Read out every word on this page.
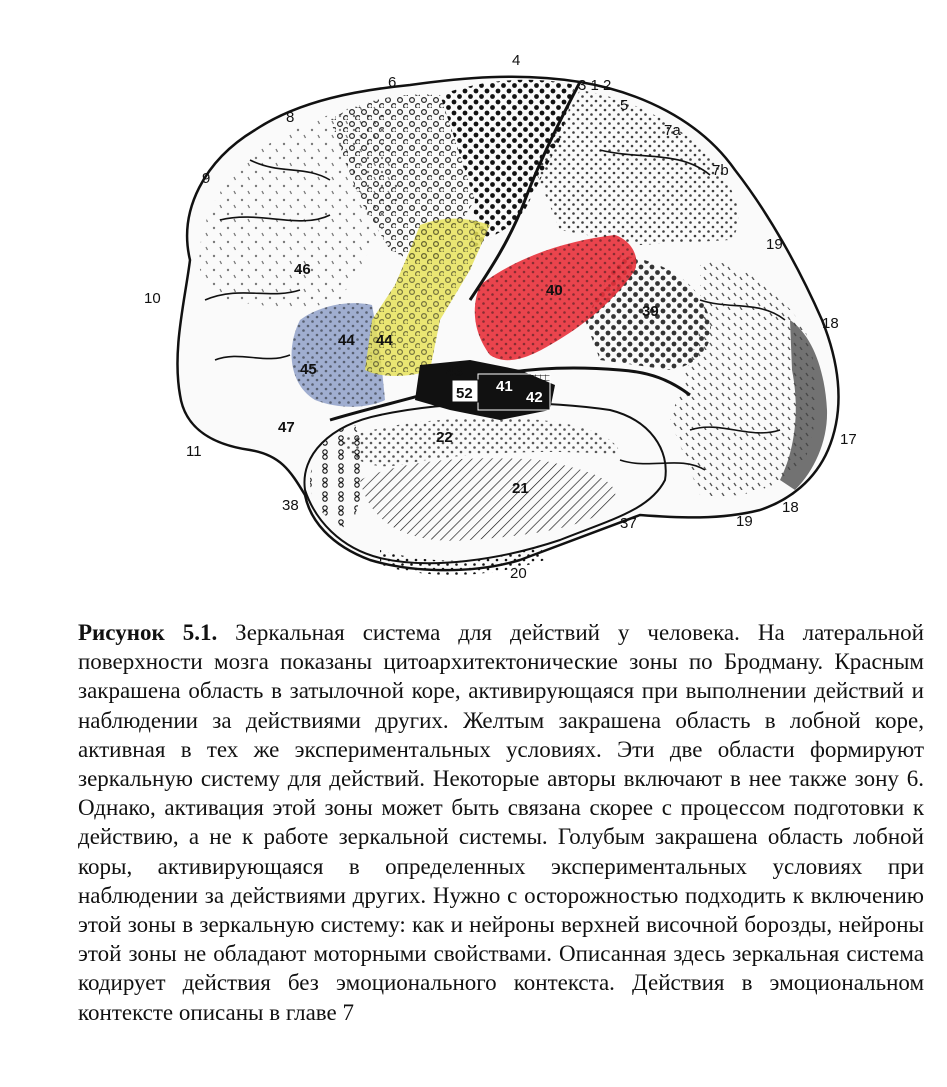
4
6	3 1 2
5
7a
7b
8
9
46
10
44 44
45
47
11
43
40
39
41
42
52
22
21
38
37
20
19
19
18
18
17
Рисунок 5.1. Зеркальная система для действий у человека. На латеральной поверхности мозга показаны цитоархитектонические зоны по Бродману. Красным закрашена область в затылочной коре, активирующаяся при выполнении действий и наблюдении за действиями других. Желтым закрашена область в лобной коре, активная в тех же экспериментальных условиях. Эти две области формируют зеркальную систему для действий. Некоторые авторы включают в нее также зону 6. Однако, активация этой зоны может быть связана скорее с процессом подготовки к действию, а не к работе зеркальной системы. Голубым закрашена область лобной коры, активирующаяся в определенных экспериментальных условиях при наблюдении за действиями других. Нужно с осторожностью подходить к включению этой зоны в зеркальную систему: как и нейроны верхней височной борозды, нейроны этой зоны не обладают моторными свойствами. Описанная здесь зеркальная система кодирует действия без эмоционального контекста. Действия в эмоциональном контексте описаны в главе 7
